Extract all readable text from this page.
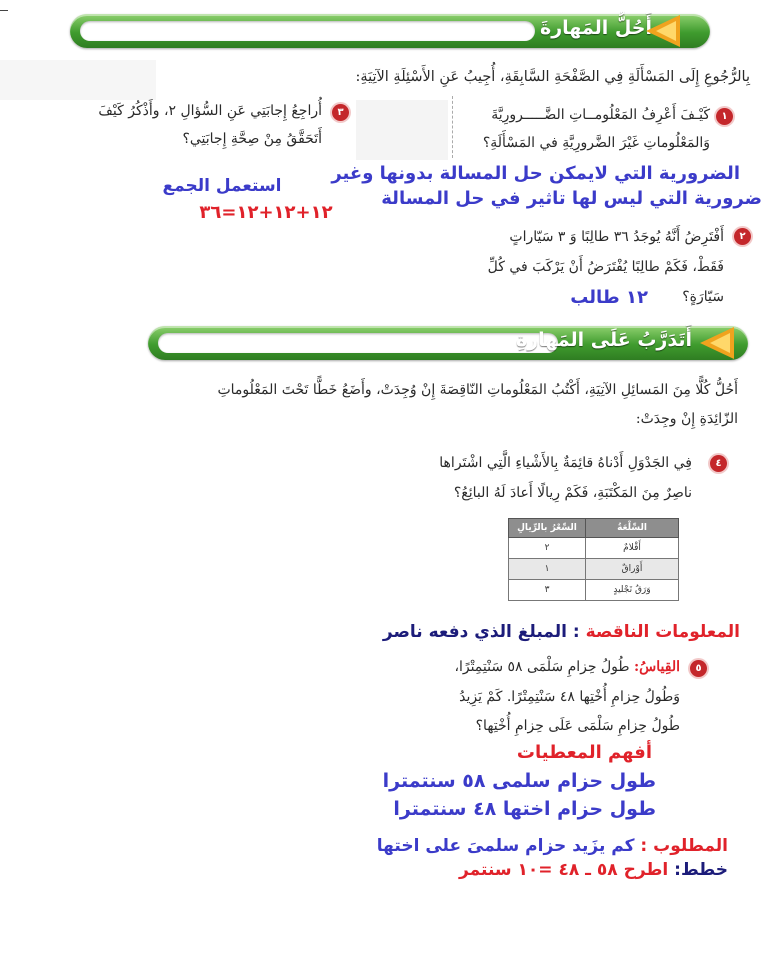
أَحُلُّ المَهارةَ
بِالرُّجُوعِ إِلَى المَسْأَلَةِ فِي الصَّفْحَةِ السَّابِقَةِ، أُجِيبُ عَنِ الأَسْئِلَةِ الآتِيَةِ:
١
كَيْـفَ أَعْرِفُ المَعْلُومــاتِ الضَّـــــرورِيَّةَ
وَالمَعْلُوماتِ غَيْرَ الضَّرورِيَّةِ في المَسْأَلَةِ؟
٣
أُراجِعُ إِجابَتِي عَنِ السُّؤالِ ٢، وأَذْكُرُ كَيْفَ
أَتَحَقَّقُ مِنْ صِحَّةِ إِجابَتِي؟
استعمل الجمع
١٢+١٢+١٢=٣٦
الضرورية التي لايمكن حل المسالة بدونها وغير
ضرورية التي ليس لها تاثير في حل المسالة
٢
أَفْتَرِضُ أَنَّهُ يُوجَدُ ٣٦ طالِبًا وَ ٣ سَيّاراتٍ
فَقَطْ، فَكَمْ طالِبًا يُفْتَرَضُ أَنْ يَرْكَبَ في كُلِّ
سَيّارَةٍ؟
١٢ طالب
أَتَدَرَّبُ عَلَى المَهارةِ
أَحُلُّ كُلًّا مِنَ المَسائِلِ الآتِيَةِ، أَكْتُبُ المَعْلُوماتِ النّاقِصَةَ إِنْ وُجِدَتْ، وأَضَعُ خَطًّا تَحْتَ المَعْلُوماتِ
الزّائِدَةِ إِنْ وجِدَتْ:
٤
فِي الجَدْوَلِ أَدْناهُ قائِمَةٌ بِالأَشْياءِ الَّتِي اشْتَراها
ناصِرٌ مِنَ المَكْتَبَةِ، فَكَمْ رِيالًا أَعادَ لَهُ البائِعُ؟
السِّلْعَةُ	السِّعْرُ بالرِّيالِ
أَقْلامٌ	٢
أَوْراقٌ	١
وَرَقُ تَجْليدٍ	٣
المعلومات الناقصة : المبلغ الذي دفعه ناصر
٥
القِياسُ: طُولُ حِزامِ سَلْمَى ٥٨ سَنْتِمِتْرًا،
وَطُولُ حِزامِ أُخْتِها ٤٨ سَنْتِمِتْرًا. كَمْ يَزِيدُ
طُولُ حِزامِ سَلْمَى عَلَى حِزامِ أُخْتِها؟
أفهم المعطيات
طول حزام سلمى ٥٨ سنتمترا
طول حزام اختها ٤٨ سنتمترا
المطلوب : كم يزَيد حزام سلمىَ على اختها
خطط: اطرح ٥٨ ـ ٤٨ =١٠ سنتمر
